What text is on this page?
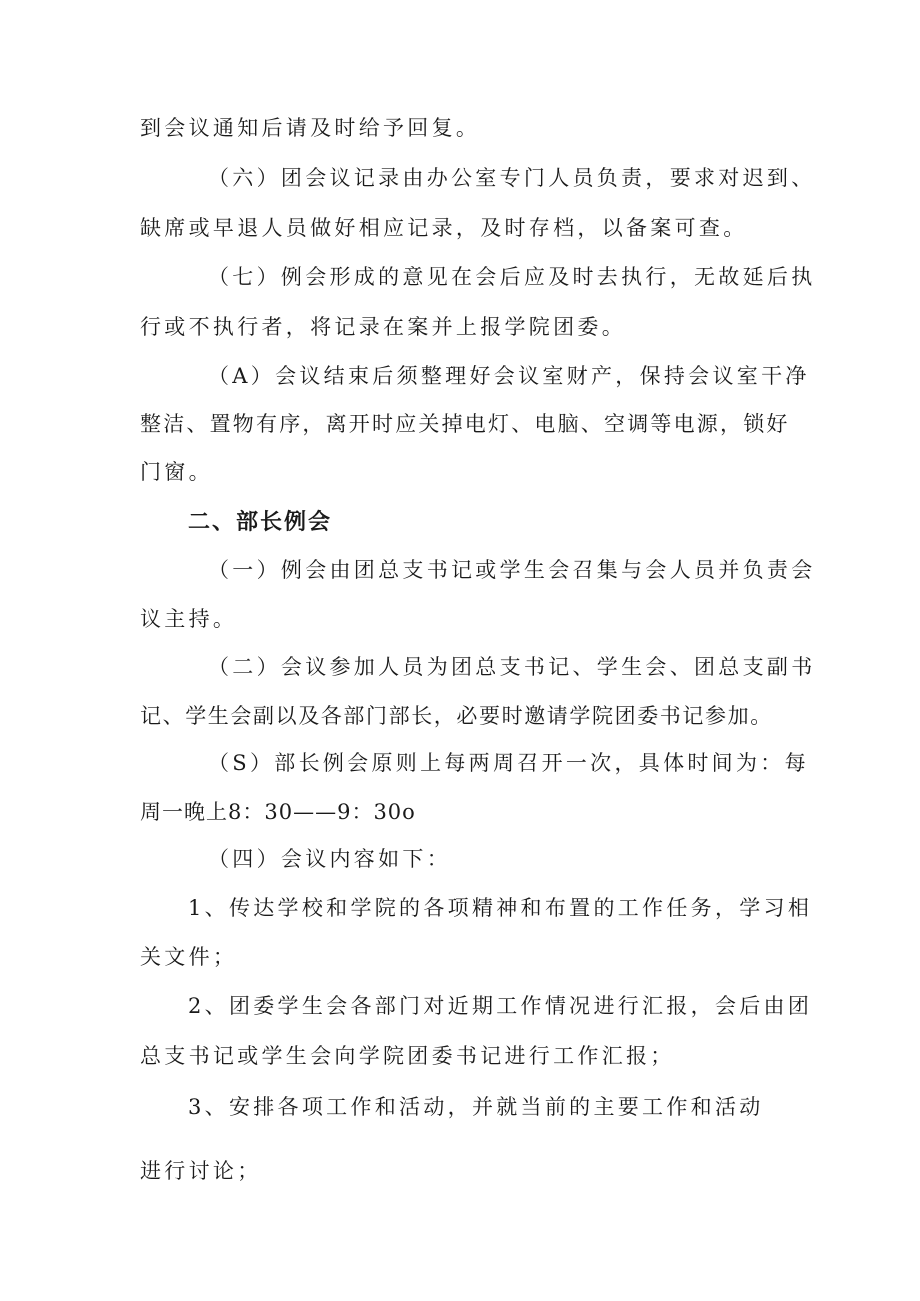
到会议通知后请及时给予回复。
（六）团会议记录由办公室专门人员负责，要求对迟到、
缺席或早退人员做好相应记录，及时存档，以备案可查。
（七）例会形成的意见在会后应及时去执行，无故延后执
行或不执行者，将记录在案并上报学院团委。
（A）会议结束后须整理好会议室财产，保持会议室干净
整洁、置物有序，离开时应关掉电灯、电脑、空调等电源，锁好
门窗。
二、部长例会
（一）例会由团总支书记或学生会召集与会人员并负责会
议主持。
（二）会议参加人员为团总支书记、学生会、团总支副书
记、学生会副以及各部门部长，必要时邀请学院团委书记参加。
（S）部长例会原则上每两周召开一次，具体时间为：每
周一晚上8：30——9：30o
（四）会议内容如下：
1、传达学校和学院的各项精神和布置的工作任务，学习相
关文件；
2、团委学生会各部门对近期工作情况进行汇报，会后由团
总支书记或学生会向学院团委书记进行工作汇报；
3、安排各项工作和活动，并就当前的主要工作和活动
进行讨论；
